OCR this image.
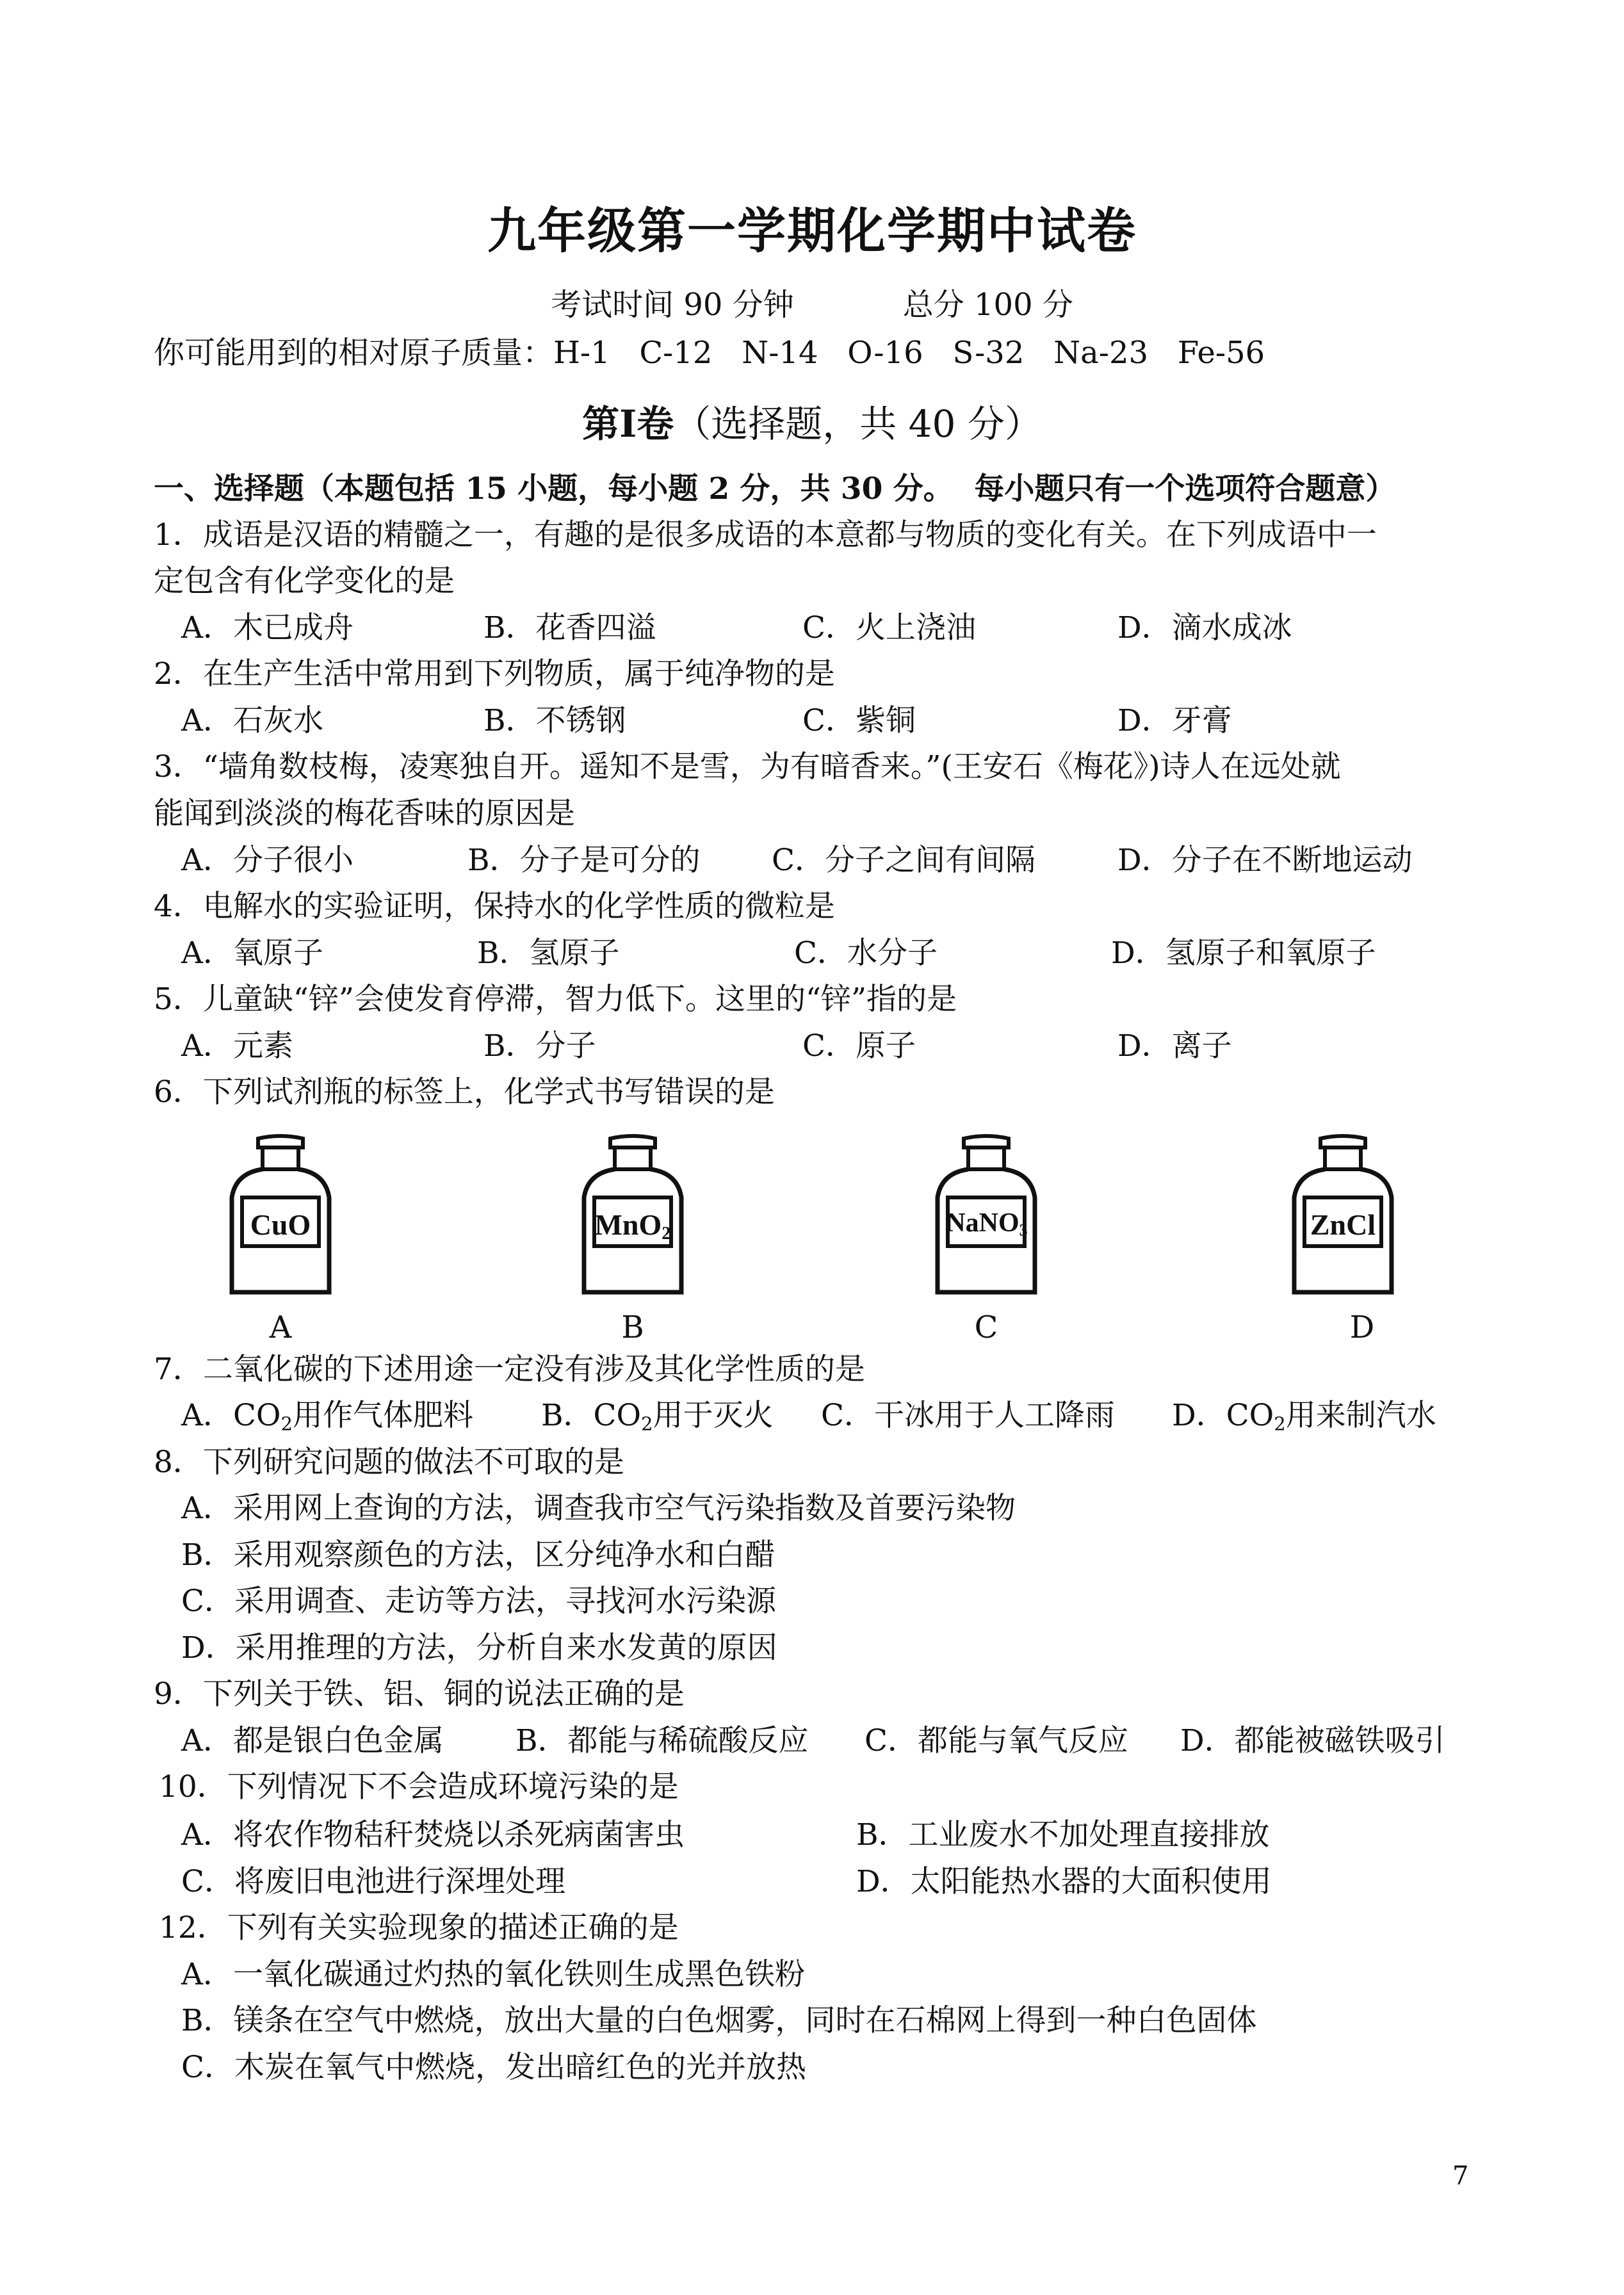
九年级第一学期化学期中试卷
考试时间 90 分钟	总分 100 分
你可能用到的相对原子质量：H-1   C-12   N-14   O-16   S-32   Na-23   Fe-56
第I卷（选择题，共 40 分）
一、选择题（本题包括 15 小题，每小题 2 分，共 30 分。  每小题只有一个选项符合题意）
1．成语是汉语的精髓之一，有趣的是很多成语的本意都与物质的变化有关。在下列成语中一
定包含有化学变化的是
A．木已成舟	B．花香四溢	C．火上浇油	D．滴水成冰
2．在生产生活中常用到下列物质，属于纯净物的是
A．石灰水	B．不锈钢	C．紫铜	D．牙膏
3．“墙角数枝梅，凌寒独自开。遥知不是雪，为有暗香来。”(王安石《梅花》)诗人在远处就
能闻到淡淡的梅花香味的原因是
A．分子很小	B．分子是可分的 C．分子之间有间隔	D．分子在不断地运动
4．电解水的实验证明，保持水的化学性质的微粒是
A．氧原子	B．氢原子	C．水分子	D．氢原子和氧原子
5．儿童缺“锌”会使发育停滞，智力低下。这里的“锌”指的是
A．元素	B．分子	C．原子	D．离子
6．下列试剂瓶的标签上，化学式书写错误的是
CuO
A
MnO$_2$
B
NaNO$_3$
C
ZnCl
D
7．二氧化碳的下述用途一定没有涉及其化学性质的是
A．$CO_2$用作气体肥料 B．$CO_2$用于灭火 C．干冰用于人工降雨 D．$CO_2$用来制汽水
8．下列研究问题的做法不可取的是
A．采用网上查询的方法，调查我市空气污染指数及首要污染物
B．采用观察颜色的方法，区分纯净水和白醋
C．采用调查、走访等方法，寻找河水污染源
D．采用推理的方法，分析自来水发黄的原因
9．下列关于铁、铝、铜的说法正确的是
A．都是银白色金属 B．都能与稀硫酸反应 C．都能与氧气反应 D．都能被磁铁吸引
10．下列情况下不会造成环境污染的是
A．将农作物秸秆焚烧以杀死病菌害虫	B．工业废水不加处理直接排放
C．将废旧电池进行深埋处理	D．太阳能热水器的大面积使用
12．下列有关实验现象的描述正确的是
A．一氧化碳通过灼热的氧化铁则生成黑色铁粉
B．镁条在空气中燃烧，放出大量的白色烟雾，同时在石棉网上得到一种白色固体
C．木炭在氧气中燃烧，发出暗红色的光并放热
7
